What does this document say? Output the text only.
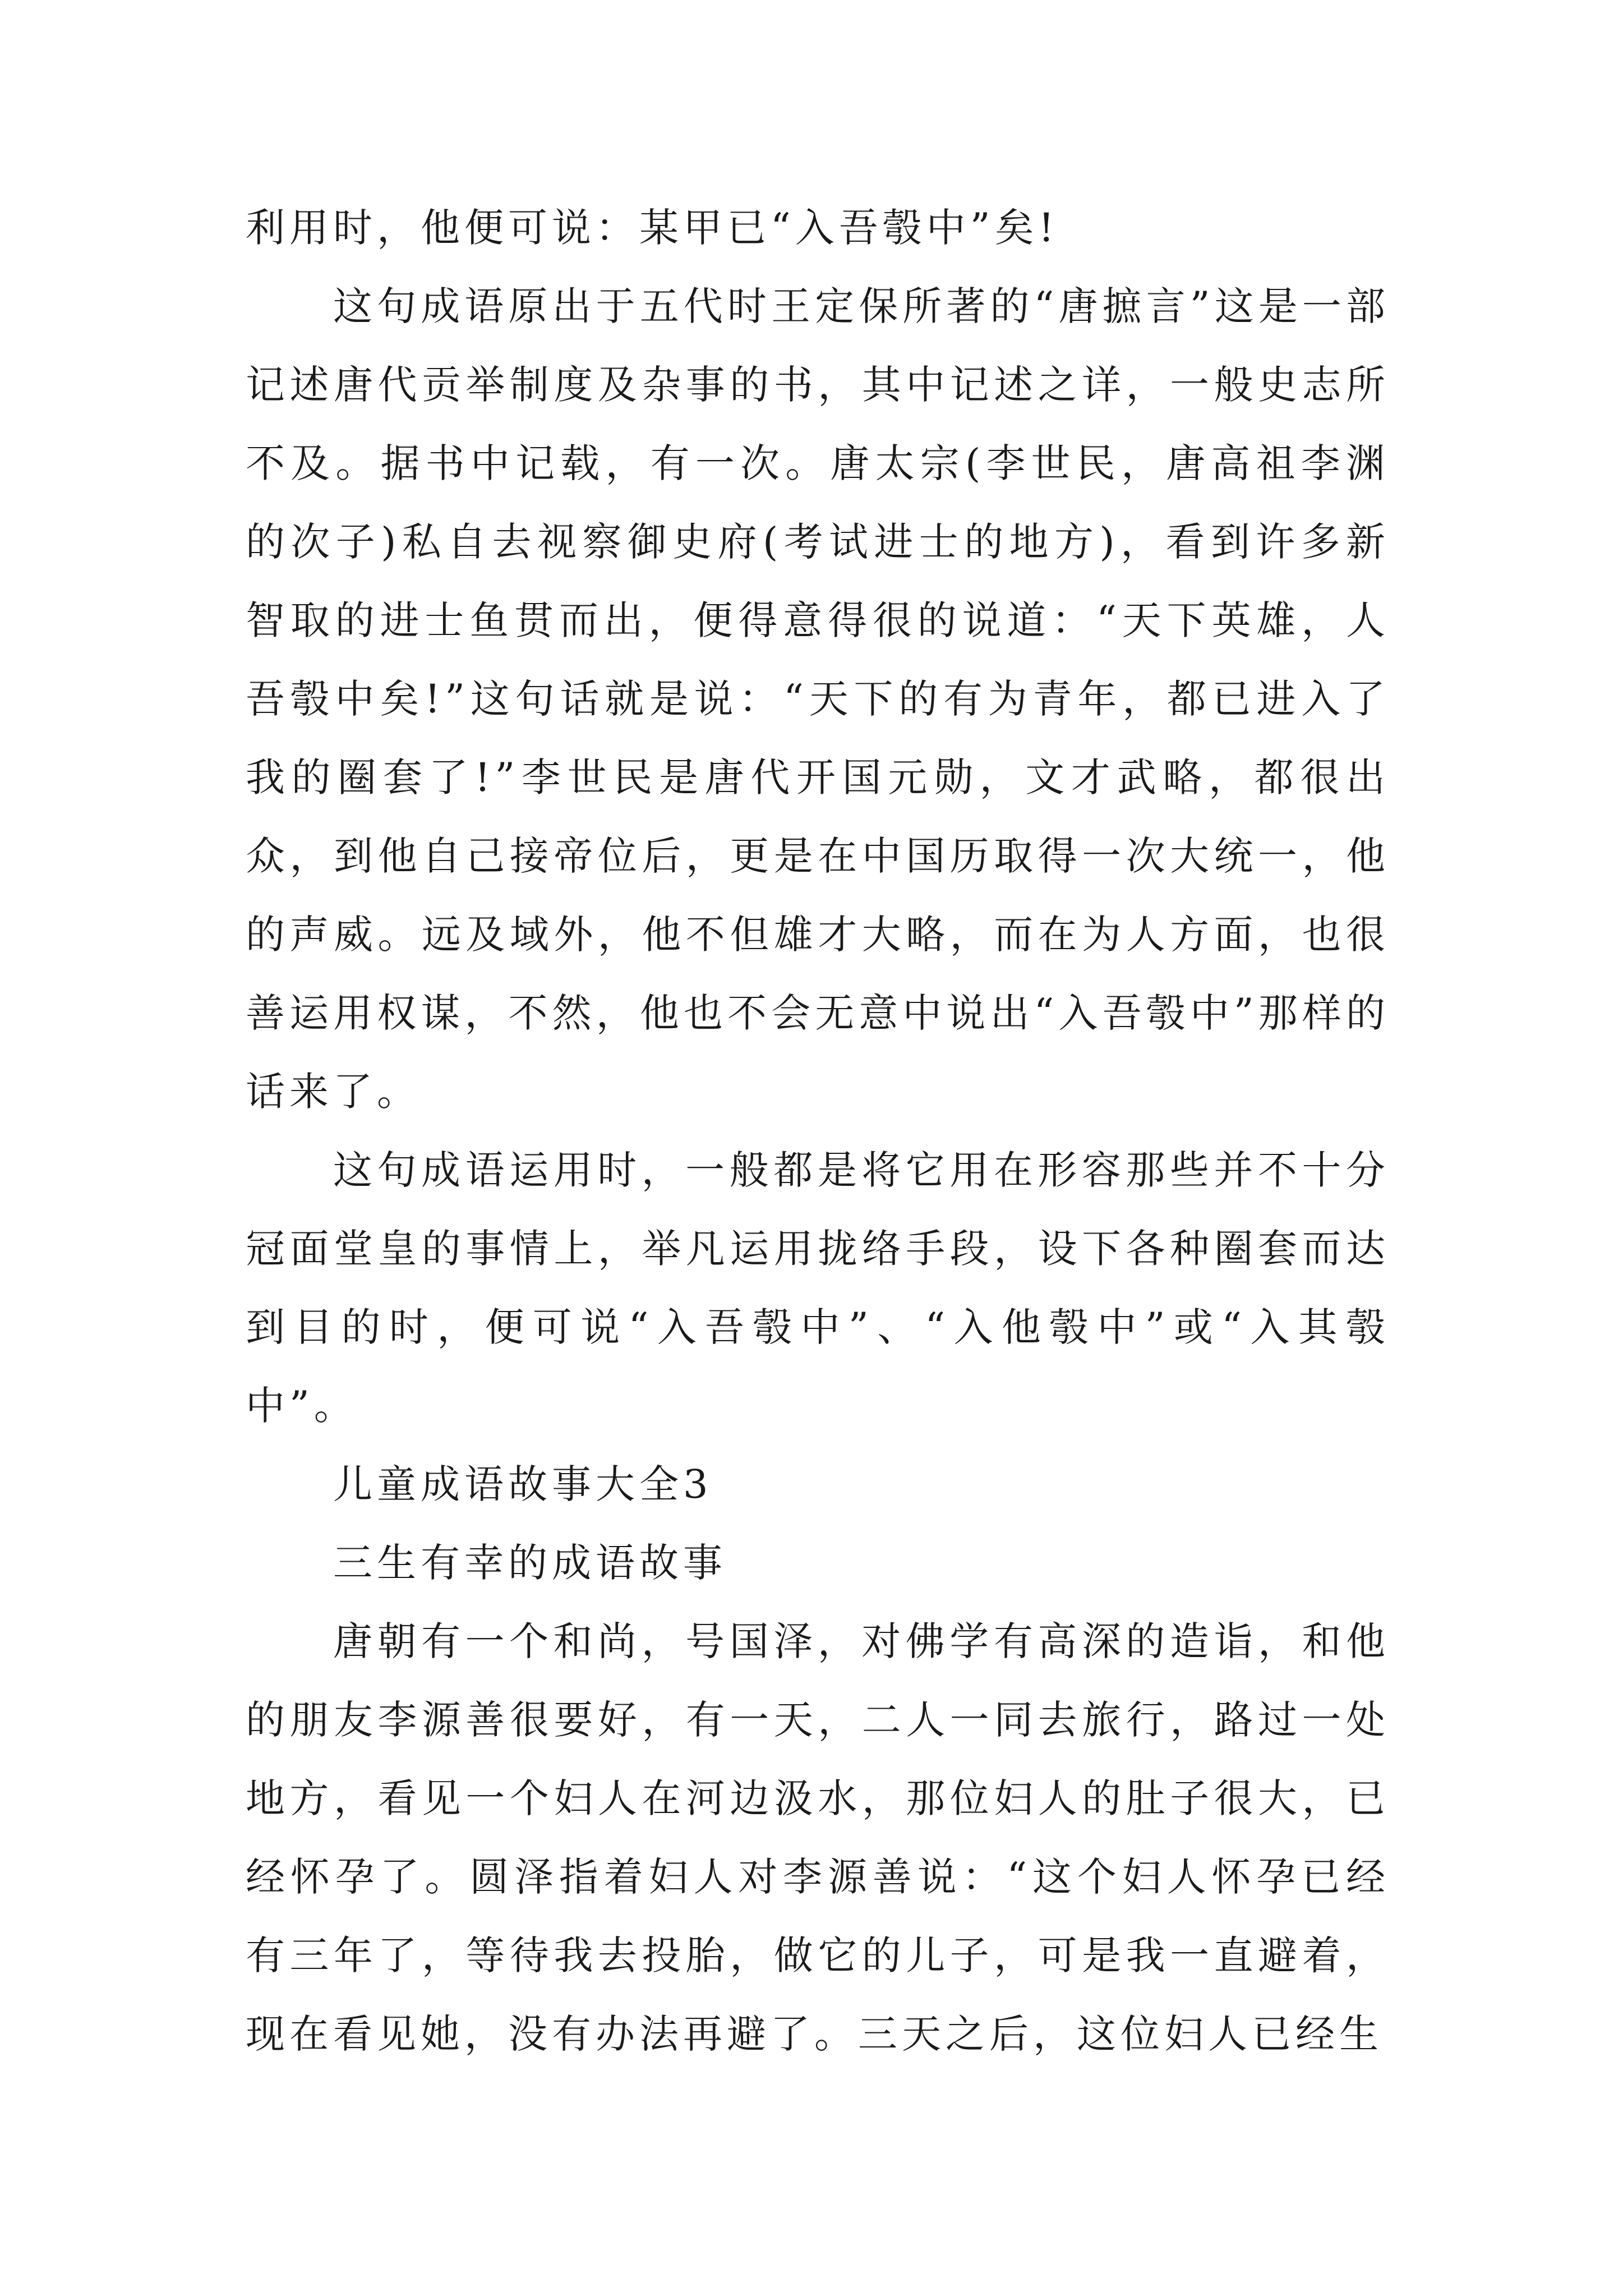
利用时，他便可说：某甲已“入吾彀中”矣!

这句成语原出于五代时王定保所著的“唐摭言”这是一部记述唐代贡举制度及杂事的书，其中记述之详，一般史志所不及。据书中记载，有一次。唐太宗(李世民，唐高祖李渊的次子)私自去视察御史府(考试进士的地方)，看到许多新智取的进士鱼贯而出，便得意得很的说道：“天下英雄，人吾彀中矣!”这句话就是说：“天下的有为青年，都已进入了我的圈套了!”李世民是唐代开国元勋，文才武略，都很出众，到他自己接帝位后，更是在中国历取得一次大统一，他的声威。远及域外，他不但雄才大略，而在为人方面，也很善运用权谋，不然，他也不会无意中说出“入吾彀中”那样的话来了。

这句成语运用时，一般都是将它用在形容那些并不十分冠面堂皇的事情上，举凡运用拢络手段，设下各种圈套而达到目的时，便可说“入吾彀中”、“入他彀中”或“入其彀中”。

儿童成语故事大全3

三生有幸的成语故事

唐朝有一个和尚，号国泽，对佛学有高深的造诣，和他的朋友李源善很要好，有一天，二人一同去旅行，路过一处地方，看见一个妇人在河边汲水，那位妇人的肚子很大，已经怀孕了。圆泽指着妇人对李源善说：“这个妇人怀孕已经有三年了，等待我去投胎，做它的儿子，可是我一直避着，现在看见她，没有办法再避了。三天之后，这位妇人已经生
